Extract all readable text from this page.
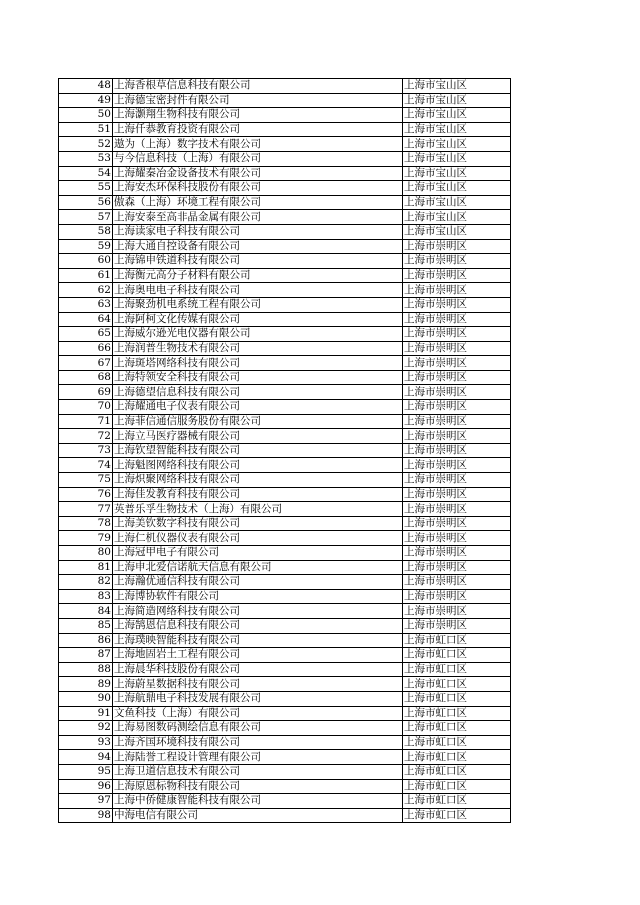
48	上海香根草信息科技有限公司	上海市宝山区
49	上海德宝密封件有限公司	上海市宝山区
50	上海灏翔生物科技有限公司	上海市宝山区
51	上海仟恭教育投资有限公司	上海市宝山区
52	遨为（上海）数字技术有限公司	上海市宝山区
53	与今信息科技（上海）有限公司	上海市宝山区
54	上海耀秦冶金设备技术有限公司	上海市宝山区
55	上海安杰环保科技股份有限公司	上海市宝山区
56	傲森（上海）环境工程有限公司	上海市宝山区
57	上海安泰至高非晶金属有限公司	上海市宝山区
58	上海读家电子科技有限公司	上海市宝山区
59	上海大通自控设备有限公司	上海市崇明区
60	上海锦申铁道科技有限公司	上海市崇明区
61	上海衡元高分子材料有限公司	上海市崇明区
62	上海奥电电子科技有限公司	上海市崇明区
63	上海聚劲机电系统工程有限公司	上海市崇明区
64	上海阿柯文化传媒有限公司	上海市崇明区
65	上海威尔逊光电仪器有限公司	上海市崇明区
66	上海润普生物技术有限公司	上海市崇明区
67	上海斑塔网络科技有限公司	上海市崇明区
68	上海特领安全科技有限公司	上海市崇明区
69	上海德望信息科技有限公司	上海市崇明区
70	上海耀通电子仪表有限公司	上海市崇明区
71	上海菲信通信服务股份有限公司	上海市崇明区
72	上海立马医疗器械有限公司	上海市崇明区
73	上海钦望智能科技有限公司	上海市崇明区
74	上海魁图网络科技有限公司	上海市崇明区
75	上海炽聚网络科技有限公司	上海市崇明区
76	上海佳发教育科技有限公司	上海市崇明区
77	英普乐孚生物技术（上海）有限公司	上海市崇明区
78	上海美钦数字科技有限公司	上海市崇明区
79	上海仁机仪器仪表有限公司	上海市崇明区
80	上海冠甲电子有限公司	上海市崇明区
81	上海申北爱信诺航天信息有限公司	上海市崇明区
82	上海瀚优通信科技有限公司	上海市崇明区
83	上海博协软件有限公司	上海市崇明区
84	上海简造网络科技有限公司	上海市崇明区
85	上海鹄恩信息科技有限公司	上海市崇明区
86	上海璞映智能科技有限公司	上海市虹口区
87	上海地固岩土工程有限公司	上海市虹口区
88	上海晨华科技股份有限公司	上海市虹口区
89	上海蔚星数据科技有限公司	上海市虹口区
90	上海航鼎电子科技发展有限公司	上海市虹口区
91	文鱼科技（上海）有限公司	上海市虹口区
92	上海易图数码测绘信息有限公司	上海市虹口区
93	上海齐国环境科技有限公司	上海市虹口区
94	上海陆誉工程设计管理有限公司	上海市虹口区
95	上海卫道信息技术有限公司	上海市虹口区
96	上海原恩标物科技有限公司	上海市虹口区
97	上海中侨健康智能科技有限公司	上海市虹口区
98	中海电信有限公司	上海市虹口区
